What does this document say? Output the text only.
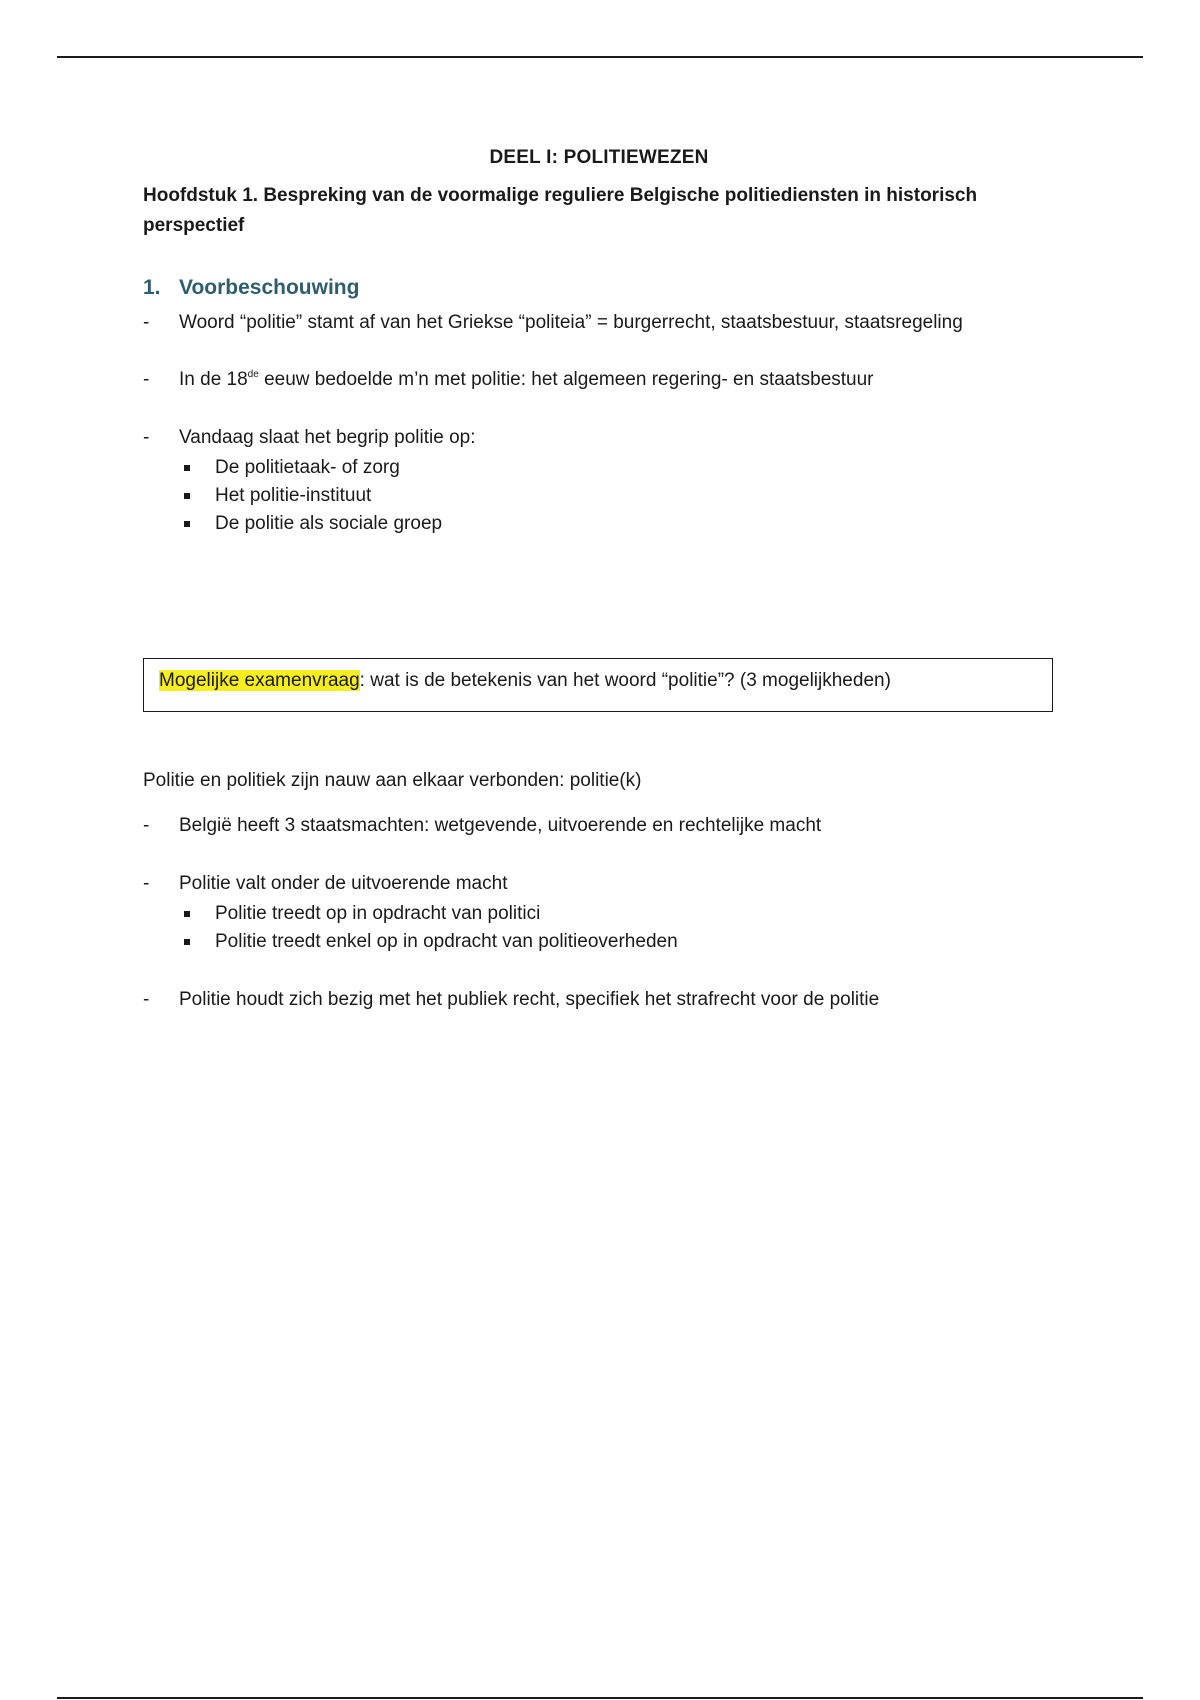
DEEL I: POLITIEWEZEN
Hoofdstuk 1. Bespreking van de voormalige reguliere Belgische politiediensten in historisch perspectief
1. Voorbeschouwing
-	Woord “politie” stamt af van het Griekse “politeia” = burgerrecht, staatsbestuur, staatsregeling
-	In de 18de eeuw bedoelde m’n met politie: het algemeen regering- en staatsbestuur
-	Vandaag slaat het begrip politie op:
De politietaak- of zorg
Het politie-instituut
De politie als sociale groep
Mogelijke examenvraag: wat is de betekenis van het woord “politie”? (3 mogelijkheden)

Politie en politiek zijn nauw aan elkaar verbonden: politie(k)

-	België heeft 3 staatsmachten: wetgevende, uitvoerende en rechtelijke macht
-	Politie valt onder de uitvoerende macht
Politie treedt op in opdracht van politici
Politie treedt enkel op in opdracht van politieoverheden
-	Politie houdt zich bezig met het publiek recht, specifiek het strafrecht voor de politie
